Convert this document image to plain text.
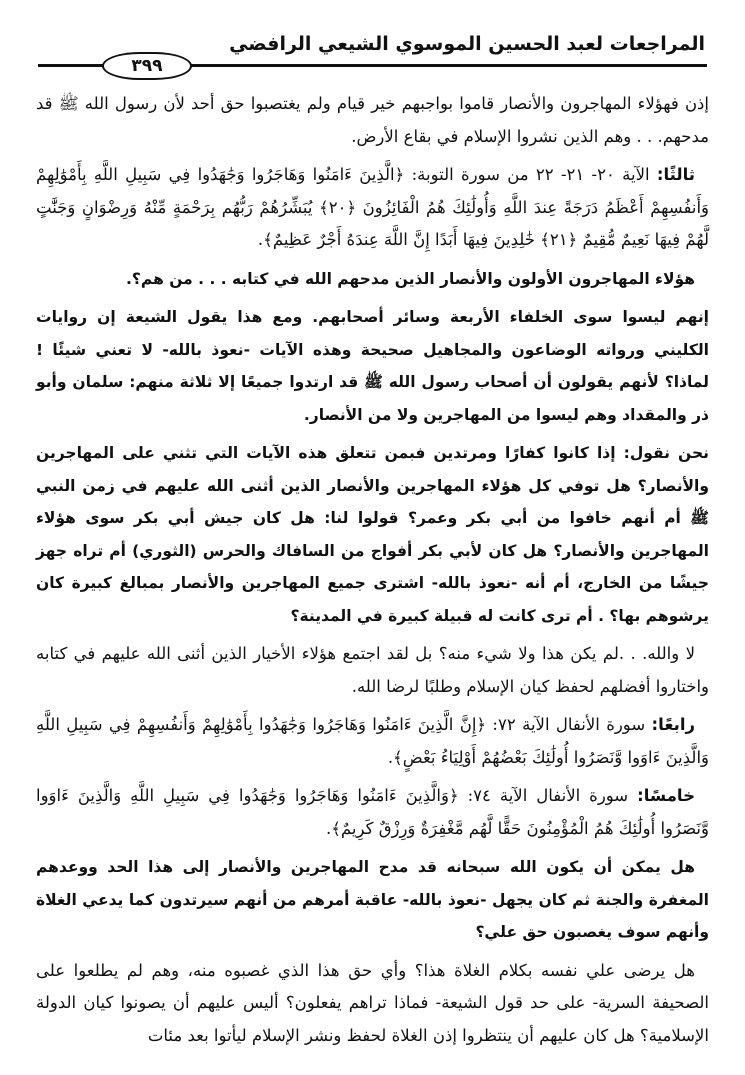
المراجعات لعبد الحسين الموسوي الشيعي الرافضي
٣٩٩

إذن فهؤلاء المهاجرون والأنصار قاموا بواجبهم خير قيام ولم يغتصبوا حق أحد لأن رسول الله ﷺ قد مدحهم. . . وهم الذين نشروا الإسلام في بقاع الأرض.

ثالثًا: الآية ٢٠- ٢١- ٢٢ من سورة التوبة: ﴿الَّذِينَ ءَامَنُوا وَهَاجَرُوا وَجَٰهَدُوا فِي سَبِيلِ اللَّهِ بِأَمْوَٰلِهِمْ وَأَنفُسِهِمْ أَعْظَمُ دَرَجَةً عِندَ اللَّهِ وَأُولَٰئِكَ هُمُ الْفَائِزُونَ ﴿٢٠﴾ يُبَشِّرُهُمْ رَبُّهُم بِرَحْمَةٍ مِّنْهُ وَرِضْوَانٍ وَجَنَّٰتٍ لَّهُمْ فِيهَا نَعِيمٌ مُّقِيمٌ ﴿٢١﴾ خَٰلِدِينَ فِيهَا أَبَدًا إِنَّ اللَّهَ عِندَهُ أَجْرٌ عَظِيمٌ﴾.

هؤلاء المهاجرون الأولون والأنصار الذين مدحهم الله في كتابه . . . من هم؟.

إنهم ليسوا سوى الخلفاء الأربعة وسائر أصحابهم. ومع هذا يقول الشيعة إن روايات الكليني ورواته الوضاعون والمجاهيل صحيحة وهذه الآيات -نعوذ بالله- لا تعني شيئًا ! لماذا؟ لأنهم يقولون أن أصحاب رسول الله ﷺ قد ارتدوا جميعًا إلا ثلاثة منهم: سلمان وأبو ذر والمقداد وهم ليسوا من المهاجرين ولا من الأنصار.

نحن نقول: إذا كانوا كفارًا ومرتدين فبمن تتعلق هذه الآيات التي تثني على المهاجرين والأنصار؟ هل توفي كل هؤلاء المهاجرين والأنصار الذين أثنى الله عليهم في زمن النبي ﷺ أم أنهم خافوا من أبي بكر وعمر؟ قولوا لنا: هل كان جيش أبي بكر سوى هؤلاء المهاجرين والأنصار؟ هل كان لأبي بكر أفواج من السافاك والحرس (الثوري) أم تراه جهز جيشًا من الخارج، أم أنه -نعوذ بالله- اشترى جميع المهاجرين والأنصار بمبالغ كبيرة كان يرشوهم بها؟ . أم ترى كانت له قبيلة كبيرة في المدينة؟

لا والله. . .لم يكن هذا ولا شيء منه؟ بل لقد اجتمع هؤلاء الأخيار الذين أثنى الله عليهم في كتابه واختاروا أفضلهم لحفظ كيان الإسلام وطلبًا لرضا الله.

رابعًا: سورة الأنفال الآية ٧٢: ﴿إِنَّ الَّذِينَ ءَامَنُوا وَهَاجَرُوا وَجَٰهَدُوا بِأَمْوَٰلِهِمْ وَأَنفُسِهِمْ فِي سَبِيلِ اللَّهِ وَالَّذِينَ ءَاوَوا وَّنَصَرُوا أُولَٰئِكَ بَعْضُهُمْ أَوْلِيَاءُ بَعْضٍ﴾.

خامسًا: سورة الأنفال الآية ٧٤: ﴿وَالَّذِينَ ءَامَنُوا وَهَاجَرُوا وَجَٰهَدُوا فِي سَبِيلِ اللَّهِ وَالَّذِينَ ءَاوَوا وَّنَصَرُوا أُولَٰئِكَ هُمُ الْمُؤْمِنُونَ حَقًّا لَّهُم مَّغْفِرَةٌ وَرِزْقٌ كَرِيمٌ﴾.

هل يمكن أن يكون الله سبحانه قد مدح المهاجرين والأنصار إلى هذا الحد ووعدهم المغفرة والجنة ثم كان يجهل -نعوذ بالله- عاقبة أمرهم من أنهم سيرتدون كما يدعي الغلاة وأنهم سوف يغصبون حق علي؟

هل يرضى علي نفسه بكلام الغلاة هذا؟ وأي حق هذا الذي غصبوه منه، وهم لم يطلعوا على الصحيفة السرية- على حد قول الشيعة- فماذا تراهم يفعلون؟ أليس عليهم أن يصونوا كيان الدولة الإسلامية؟ هل كان عليهم أن ينتظروا إذن الغلاة لحفظ ونشر الإسلام ليأتوا بعد مئات
